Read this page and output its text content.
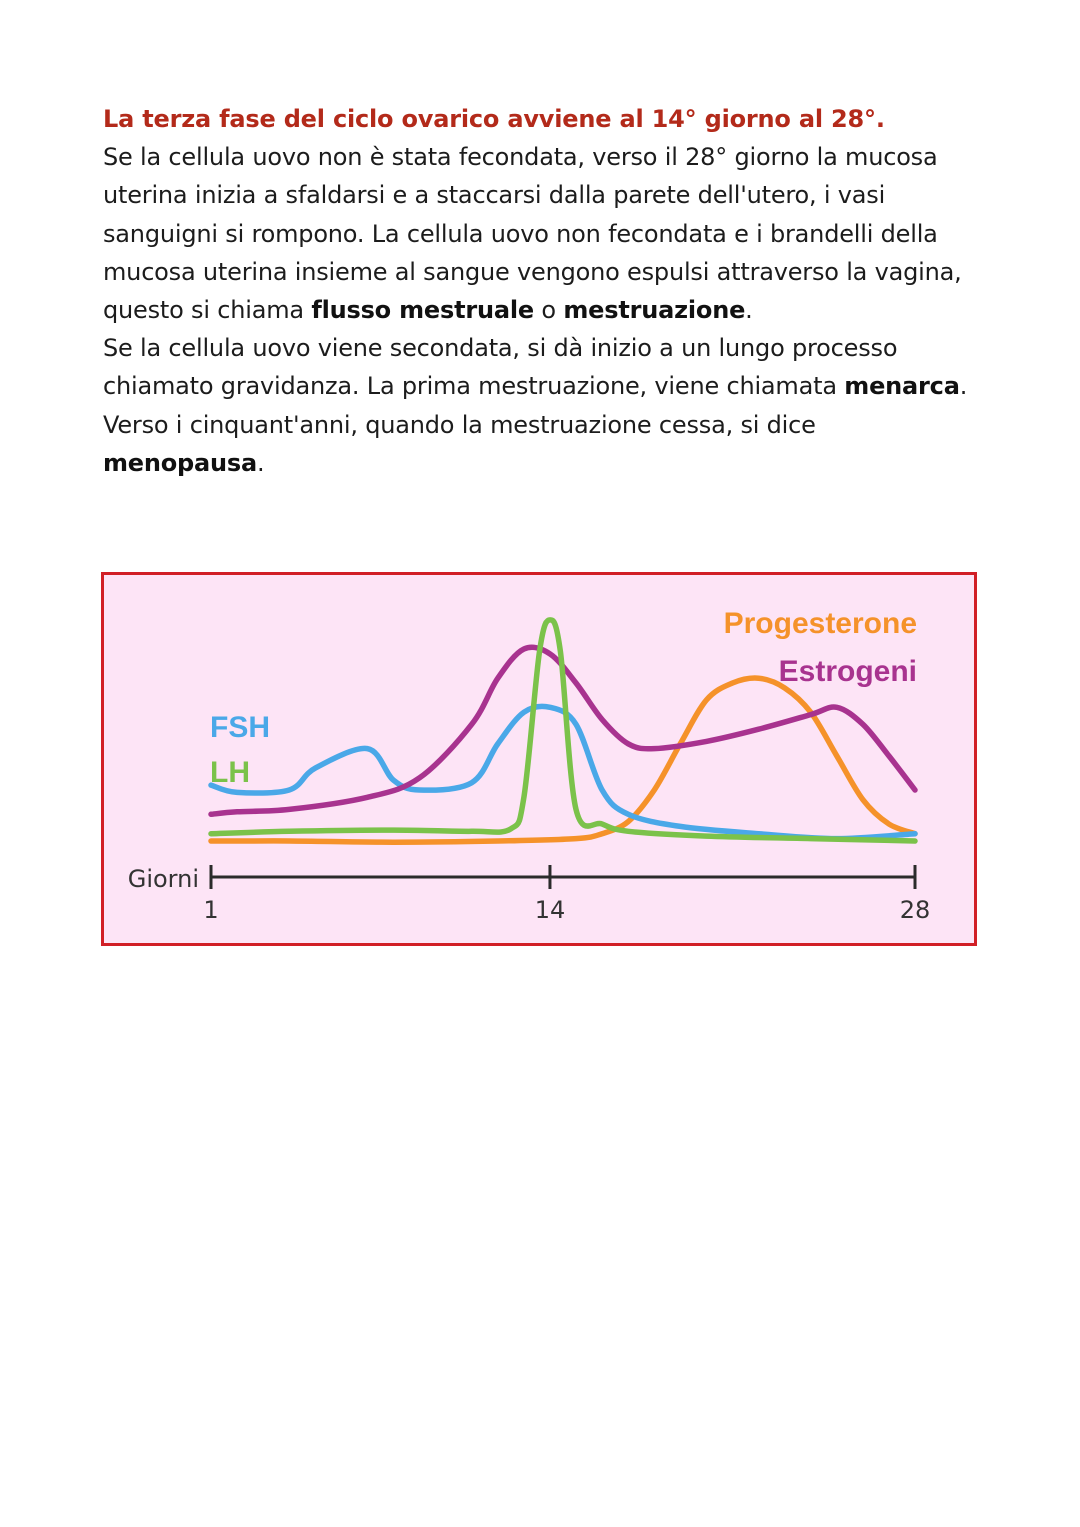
La terza fase del ciclo ovarico avviene al 14° giorno al 28°.

Se la cellula uovo non è stata fecondata, verso il 28° giorno la mucosa uterina inizia a sfaldarsi e a staccarsi dalla parete dell'utero, i vasi sanguigni si rompono. La cellula uovo non fecondata e i brandelli della mucosa uterina insieme al sangue vengono espulsi attraverso la vagina, questo si chiama flusso mestruale o mestruazione.

Se la cellula uovo viene secondata, si dà inizio a un lungo processo chiamato gravidanza. La prima mestruazione, viene chiamata menarca. Verso i cinquant'anni, quando la mestruazione cessa, si dice menopausa.

1	14	28
Giorni
FSH
LH
Progesterone
Estrogeni
